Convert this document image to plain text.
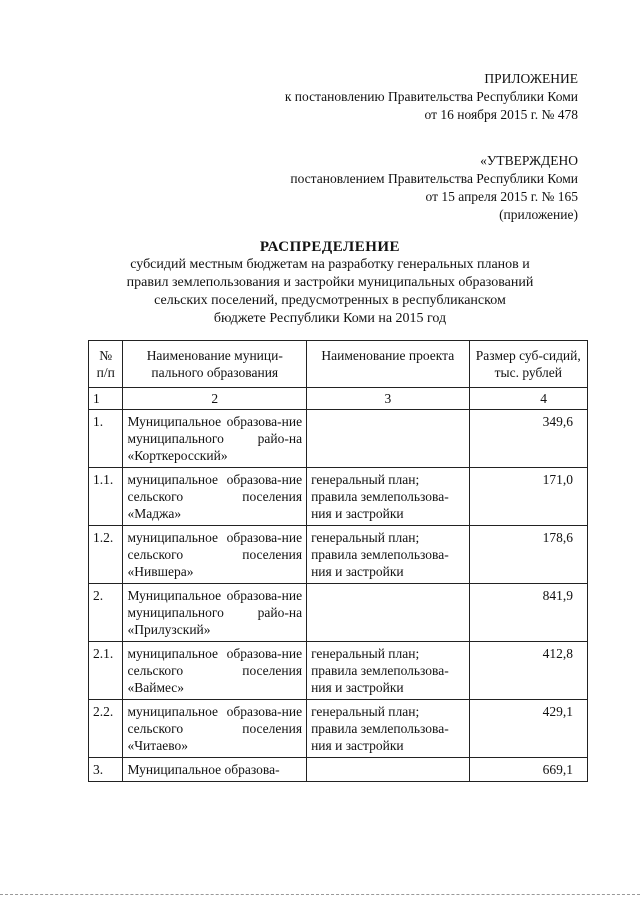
ПРИЛОЖЕНИЕ
к постановлению Правительства Республики Коми
от 16 ноября 2015 г. № 478
«УТВЕРЖДЕНО
постановлением Правительства Республики Коми
от 15 апреля 2015 г. № 165
(приложение)
РАСПРЕДЕЛЕНИЕ
субсидий местным бюджетам на разработку генеральных планов и
правил землепользования и застройки муниципальных образований
сельских поселений, предусмотренных в республиканском
бюджете Республики Коми на 2015 год
№ п/п	Наименование муници-пального образования	Наименование проекта	Размер суб-сидий, тыс. рублей
1	2	3	4
1.	Муниципальное образова-ние муниципального райо-на «Корткеросский»		349,6
1.1.	муниципальное образова-ние сельского поселения «Маджа»	генеральный план; правила землепользова-ния и застройки	171,0
1.2.	муниципальное образова-ние сельского поселения «Нившера»	генеральный план; правила землепользова-ния и застройки	178,6
2.	Муниципальное образова-ние муниципального райо-на «Прилузский»		841,9
2.1.	муниципальное образова-ние сельского поселения «Ваймес»	генеральный план; правила землепользова-ния и застройки	412,8
2.2.	муниципальное образова-ние сельского поселения «Читаево»	генеральный план; правила землепользова-ния и застройки	429,1
3.	Муниципальное образова-		669,1
